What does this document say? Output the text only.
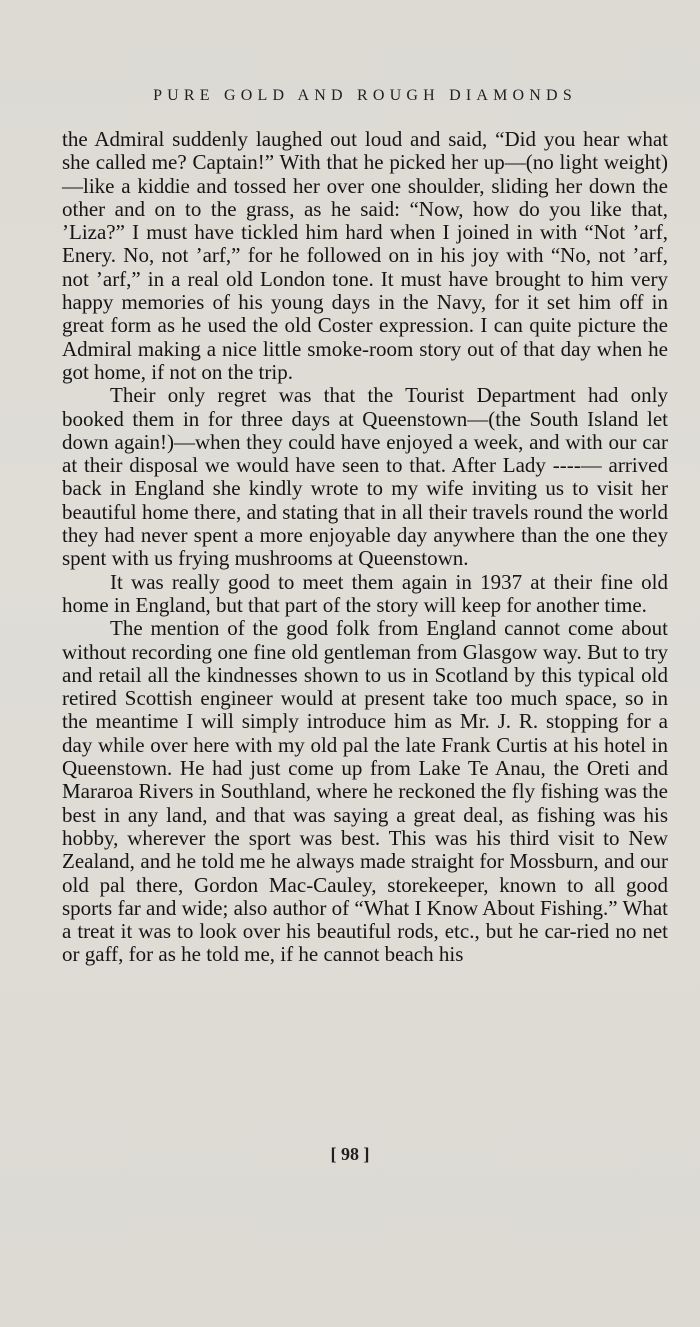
PURE GOLD AND ROUGH DIAMONDS

the Admiral suddenly laughed out loud and said, “Did you hear what she called me? Captain!” With that he picked her up—(no light weight)—like a kiddie and tossed her over one shoulder, sliding her down the other and on to the grass, as he said: “Now, how do you like that, ’Liza?” I must have tickled him hard when I joined in with “Not ’arf, Enery. No, not ’arf,” for he followed on in his joy with “No, not ’arf, not ’arf,” in a real old London tone. It must have brought to him very happy memories of his young days in the Navy, for it set him off in great form as he used the old Coster expression. I can quite picture the Admiral making a nice little smoke-room story out of that day when he got home, if not on the trip.

Their only regret was that the Tourist Department had only booked them in for three days at Queenstown—(the South Island let down again!)—when they could have enjoyed a week, and with our car at their disposal we would have seen to that. After Lady ----— arrived back in England she kindly wrote to my wife inviting us to visit her beautiful home there, and stating that in all their travels round the world they had never spent a more enjoyable day anywhere than the one they spent with us frying mushrooms at Queenstown.

It was really good to meet them again in 1937 at their fine old home in England, but that part of the story will keep for another time.

The mention of the good folk from England cannot come about without recording one fine old gentleman from Glasgow way. But to try and retail all the kindnesses shown to us in Scotland by this typical old retired Scottish engineer would at present take too much space, so in the meantime I will simply introduce him as Mr. J. R. stopping for a day while over here with my old pal the late Frank Curtis at his hotel in Queenstown. He had just come up from Lake Te Anau, the Oreti and Mararoa Rivers in Southland, where he reckoned the fly fishing was the best in any land, and that was saying a great deal, as fishing was his hobby, wherever the sport was best. This was his third visit to New Zealand, and he told me he always made straight for Mossburn, and our old pal there, Gordon Mac-Cauley, storekeeper, known to all good sports far and wide; also author of “What I Know About Fishing.” What a treat it was to look over his beautiful rods, etc., but he car-ried no net or gaff, for as he told me, if he cannot beach his

[ 98 ]
